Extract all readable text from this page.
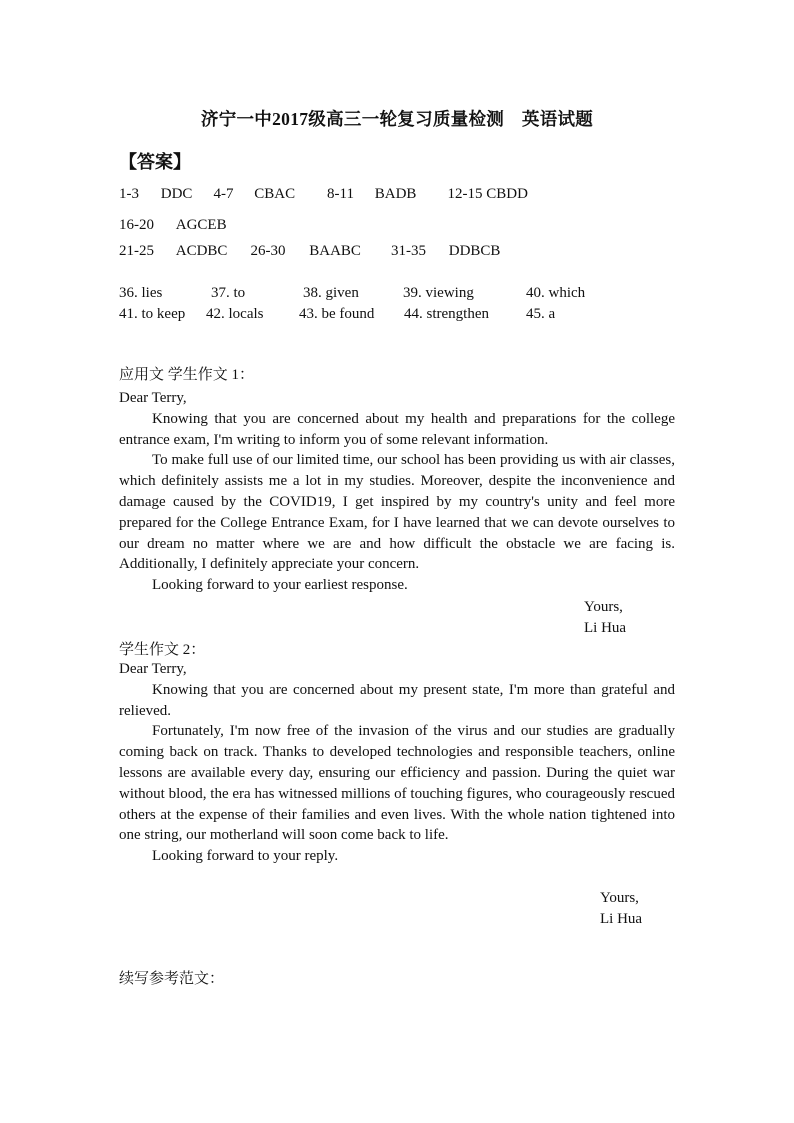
济宁一中2017级高三一轮复习质量检测　英语试题
【答案】
1-3 DDC 4-7 CBAC 8-11 BADB 12-15 CBDD
16-20 AGCEB
21-25 ACDBC 26-30 BAABC 31-35 DDBCB
36. lies	37. to	38. given	39. viewing	40. which
41. to keep 42. locals 43. be found 44. strengthen 45. a
应用文 学生作文 1：

Dear Terry,

Knowing that you are concerned about my health and preparations for the college entrance exam, I'm writing to inform you of some relevant information.

To make full use of our limited time, our school has been providing us with air classes, which definitely assists me a lot in my studies. Moreover, despite the inconvenience and damage caused by the COVID19, I get inspired by my country's unity and feel more prepared for the College Entrance Exam, for I have learned that we can devote ourselves to our dream no matter where we are and how difficult the obstacle we are facing is. Additionally, I definitely appreciate your concern.

Looking forward to your earliest response.

Yours,
Li Hua
学生作文 2：

Dear Terry,

Knowing that you are concerned about my present state, I'm more than grateful and relieved.

Fortunately, I'm now free of the invasion of the virus and our studies are gradually coming back on track. Thanks to developed technologies and responsible teachers, online lessons are available every day, ensuring our efficiency and passion. During the quiet war without blood, the era has witnessed millions of touching figures, who courageously rescued others at the expense of their families and even lives. With the whole nation tightened into one string, our motherland will soon come back to life.

Looking forward to your reply.

Yours,
Li Hua
续写参考范文：
